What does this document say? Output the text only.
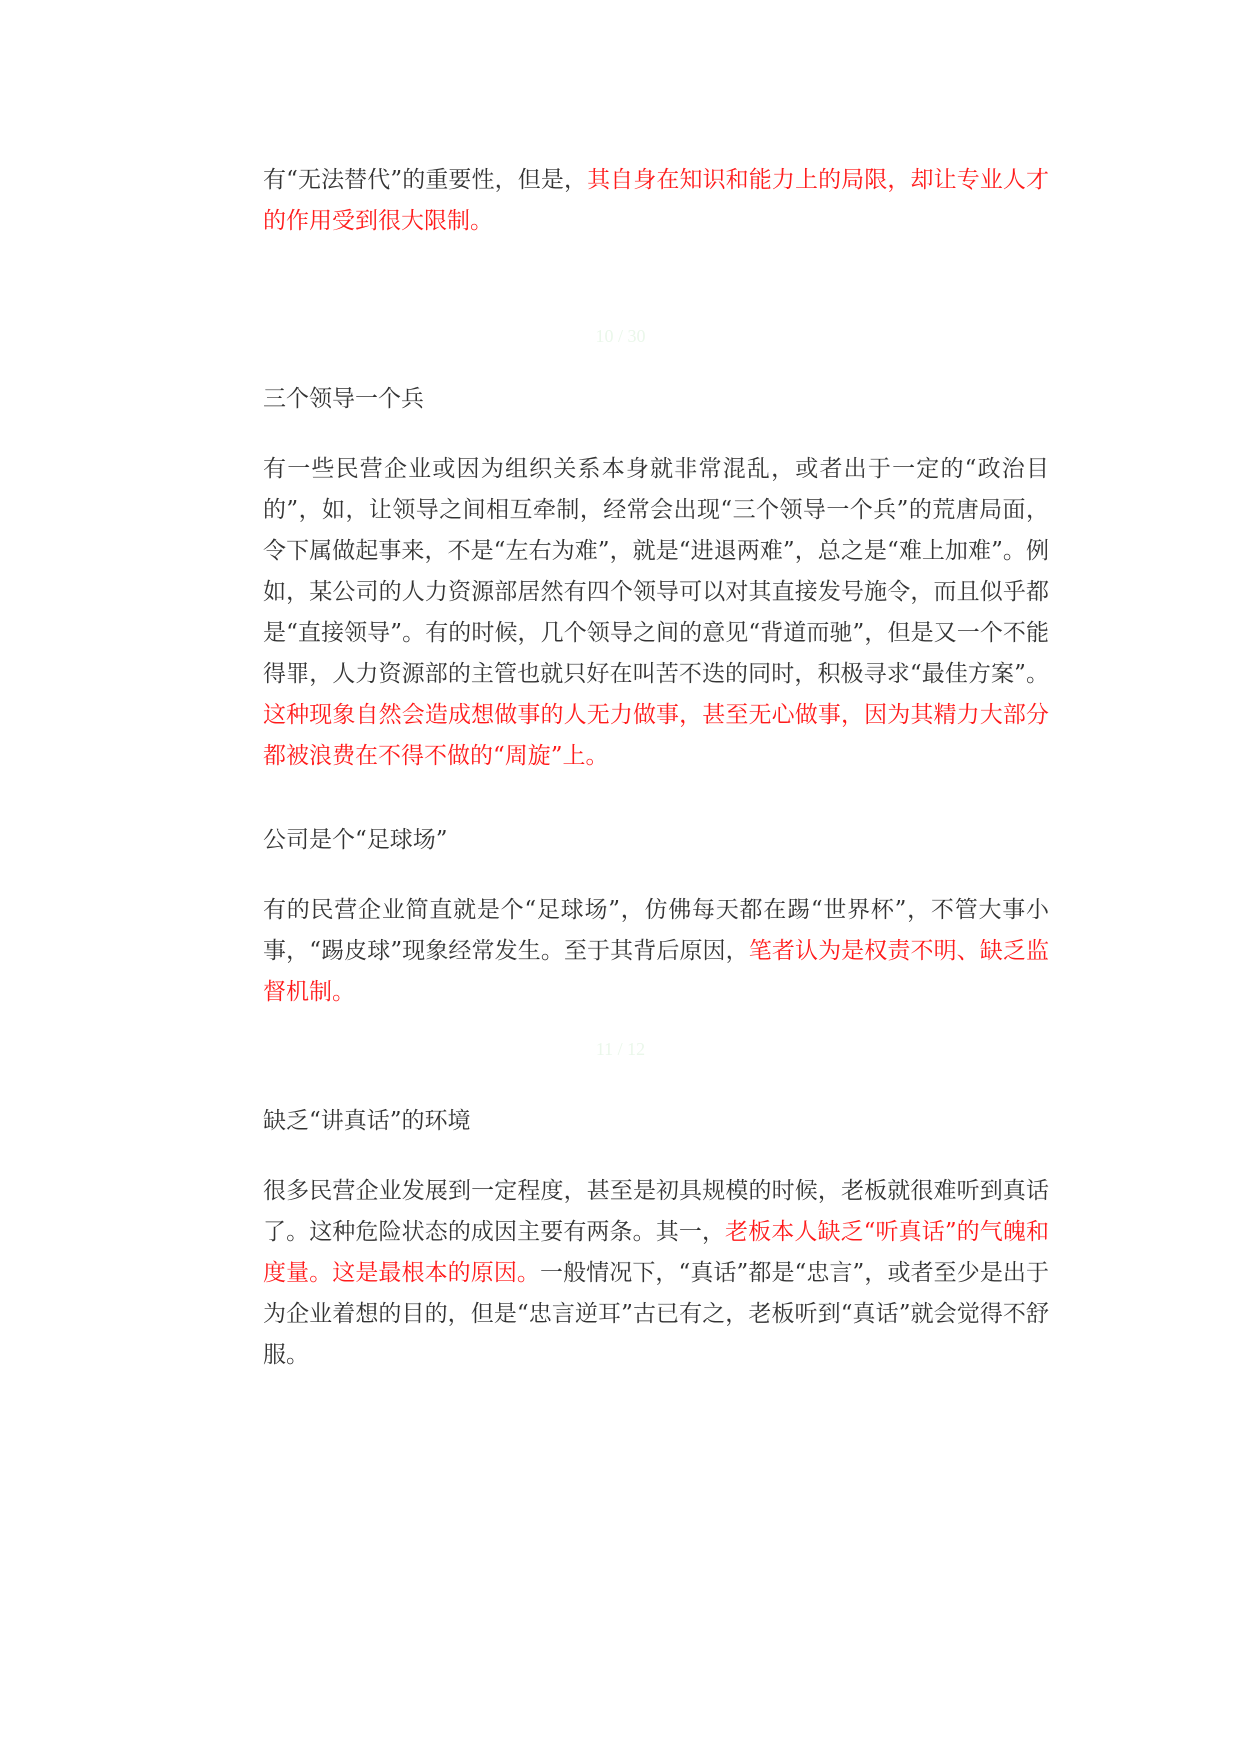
有“无法替代”的重要性，但是，其自身在知识和能力上的局限，却让专业人才的作用受到很大限制。

10 / 30

三个领导一个兵

有一些民营企业或因为组织关系本身就非常混乱，或者出于一定的“政治目的”，如，让领导之间相互牵制，经常会出现“三个领导一个兵”的荒唐局面，令下属做起事来，不是“左右为难”，就是“进退两难”，总之是“难上加难”。例如，某公司的人力资源部居然有四个领导可以对其直接发号施令，而且似乎都是“直接领导”。有的时候，几个领导之间的意见“背道而驰”，但是又一个不能得罪，人力资源部的主管也就只好在叫苦不迭的同时，积极寻求“最佳方案”。这种现象自然会造成想做事的人无力做事，甚至无心做事，因为其精力大部分都被浪费在不得不做的“周旋”上。

公司是个“足球场”

有的民营企业简直就是个“足球场”，仿佛每天都在踢“世界杯”，不管大事小事，“踢皮球”现象经常发生。至于其背后原因，笔者认为是权责不明、缺乏监督机制。

11 / 12

缺乏“讲真话”的环境

很多民营企业发展到一定程度，甚至是初具规模的时候，老板就很难听到真话了。这种危险状态的成因主要有两条。其一，老板本人缺乏“听真话”的气魄和度量。这是最根本的原因。一般情况下，“真话”都是“忠言”，或者至少是出于为企业着想的目的，但是“忠言逆耳”古已有之，老板听到“真话”就会觉得不舒服。
